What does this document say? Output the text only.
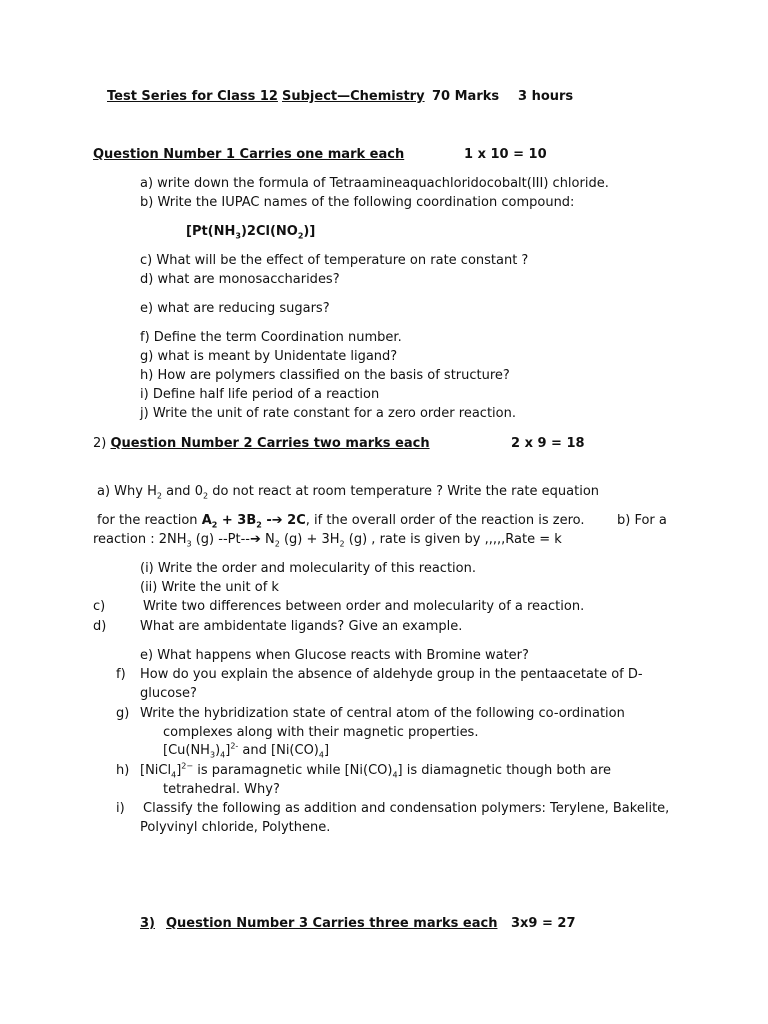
Test Series for Class 12 Subject—Chemistry 70 Marks 3 hours
Question Number 1 Carries one mark each	1 x 10 = 10
a) write down the formula of Tetraamineaquachloridocobalt(III) chloride.
b) Write the IUPAC names of the following coordination compound:
$[Pt(NH_3)2Cl(NO_2)]$
c) What will be the effect of temperature on rate constant ?
d) what are monosaccharides?
e) what are reducing sugars?
f) Define the term Coordination number.
g) what is meant by Unidentate ligand?
h) How are polymers classified on the basis of structure?
i) Define half life period of a reaction
j) Write the unit of rate constant for a zero order reaction.
2) Question Number 2 Carries two marks each	2 x 9 = 18
a) Why $H_2$ and $0_2$ do not react at room temperature ? Write the rate equation
for the reaction $A_2 + 3B_2$ -➔ 2C, if the overall order of the reaction is zero. b) For a
reaction : $2NH_3$ (g) --Pt--➔ $N_2$ $(g) + 3H_2$ (g) , rate is given by ,,,,,Rate = k
(i) Write the order and molecularity of this reaction.
(ii) Write the unit of k
c)	Write two differences between order and molecularity of a reaction.
d)	What are ambidentate ligands? Give an example.
e) What happens when Glucose reacts with Bromine water?
f) How do you explain the absence of aldehyde group in the pentaacetate of D-
glucose?
g) Write the hybridization state of central atom of the following co-ordination
complexes along with their magnetic properties.
$[Cu(NH_3)_4]^{2-}$ and $[Ni(CO)_4]$
h) [NiCl$_4$]$^{2-}$ is paramagnetic while $[Ni(CO)_4]$ is diamagnetic though both are
tetrahedral. Why?
i) Classify the following as addition and condensation polymers: Terylene, Bakelite,
Polyvinyl chloride, Polythene.
3) Question Number 3 Carries three marks each 3x9 = 27
